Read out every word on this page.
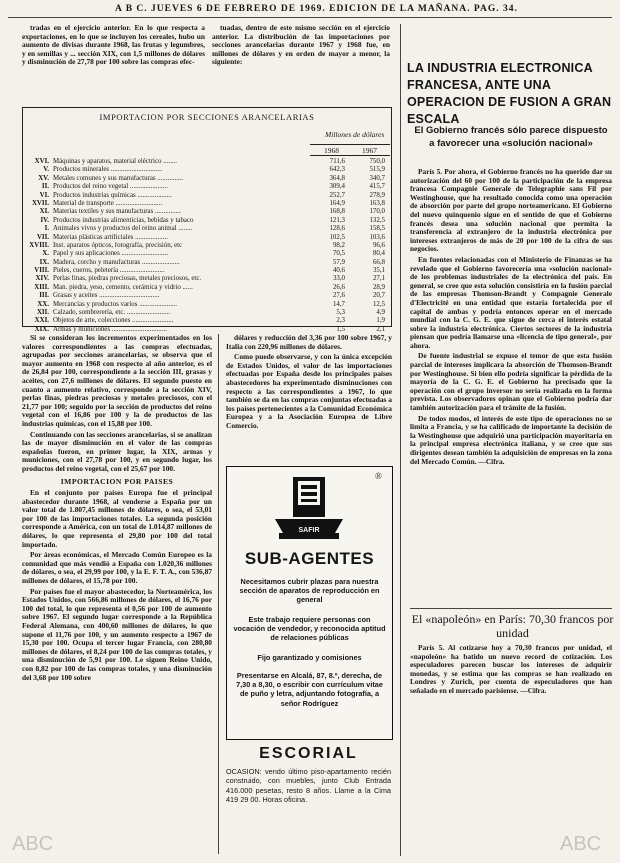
A B C. JUEVES 6 DE FEBRERO DE 1969. EDICION DE LA MAÑANA. PAG. 34.

tradas en el ejercicio anterior. En lo que respecta a exportaciones, en lo que se incluyen los cereales, hubo un aumento de divisas durante 1968, las frutas y legumbres, y en semillas y ... sección XIX, con 1,5 millones de dólares y disminución de 27,78 por 100 sobre las compras efec-

tuadas, dentro de este mismo sección en el ejercicio anterior. La distribución de las importaciones por secciones arancelarias durante 1967 y 1968 fue, en millones de dólares y en orden de mayor a menor, la siguiente:

IMPORTACION POR SECCIONES ARANCELARIAS
Millones de dólares
1968	1967
XVI. Máquinas y aparatos, material eléctrico ........	711,6	750,0
V. Productos minerales ..............................	642,3	515,9
XV. Metales comunes y sus manufacturas ...............	364,8	340,7
II. Productos del reino vegetal ......................	309,4	415,7
VI. Productos industrias químicas ....................	252,7	278,9
XVII. Material de transporte ...........................	164,9	163,8
XI. Materias textiles y sus manufacturas ...............	168,8	170,0
IV. Productos industrias alimenticias, bebidas y tabaco	121,3	132,5
I. Animales vivos y productos del reino animal ........	128,6	158,5
VII. Materias plásticas artificiales ...................	102,5	103,6
XVIII. Inst. aparatos ópticos, fotografía, precisión, etc	98,2	96,6
X. Papel y sus aplicaciones ...........................	70,5	80,4
IX. Madera, corcho y manufacturas ......................	57,9	66,8
VIII. Pieles, cueros, peletería ..........................	40,6	35,1
XIV. Perlas finas, piedras preciosas, metales preciosos, etc.	33,0	27,1
XIII. Man. piedra, yeso, cemento, cerámica y vidrio ......	26,6	28,9
III. Grasas y aceites ...................................	27,6	20,7
XX. Mercancías y productos varios ......................	14,7	12,5
XII. Calzado, sombrerería, etc. .........................	5,3	4,9
XXI. Objetos de arte, colecciones ........................	2,3	1,9
XIX. Armas y municiones ................................	1,5	2,1

Si se consideran los incrementos experimentados en los valores correspondientes a las compras efectuadas, agrupadas por secciones arancelarias, se observa que el mayor aumento en 1968 con respecto al año anterior, es el de 26,84 por 100, correspondiente a la sección III, grasas y aceites, con 27,6 millones de dólares. El segundo puesto en cuanto a aumento relativo, corresponde a la sección XIV, perlas finas, piedras preciosas y metales preciosos, con el 21,77 por 100; seguido por la sección de productos del reino vegetal con el 16,86 por 100 y la de productos de las industrias químicas, con el 15,88 por 100.

Continuando con las secciones arancelarias, si se analizan las de mayor disminución en el valor de las compras españolas fueron, en primer lugar, la XIX, armas y municiones, con el 27,78 por 100, y en segundo lugar, los productos del reino vegetal, con el 25,67 por 100.

IMPORTACION POR PAISES

En el conjunto por países Europa fue el principal abastecedor durante 1968, al venderse a España por un valor total de 1.807,45 millones de dólares, o sea, el 53,01 por 100 de las importaciones totales. La segunda posición corresponde a América, con un total de 1.014,87 millones de dólares, lo que representa el 29,80 por 100 del total importado.

Por áreas económicas, el Mercado Común Europeo es la comunidad que más vendió a España con 1.020,36 millones de dólares, o sea, el 29,99 por 100, y la E. F. T. A., con 536,87 millones de dólares, el 15,78 por 100.

Por países fue el mayor abastecedor, la Norteamérica, los Estados Unidos, con 566,86 millones de dólares, el 16,76 por 100 del total, lo que representa el 0,56 por 100 de aumento sobre 1967. El segundo lugar corresponde a la República Federal Alemana, con 400,60 millones de dólares, lo que supone el 11,76 por 100, y un aumento respecto a 1967 de 15,30 por 100. Ocupa el tercer lugar Francia, con 280,80 millones de dólares, el 8,24 por 100 de las compras totales, y una disminución de 5,91 por 100. Le siguen Reino Unido, con 8,82 por 100 de las compras totales, y una disminución del 3,68 por 100 sobre

dólares y reducción del 3,36 por 100 sobre 1967, y Italia con 220,96 millones de dólares.

Como puede observarse, y con la única excepción de Estados Unidos, el valor de las importaciones efectuadas por España desde los principales países abastecedores ha experimentado disminuciones con respecto a las correspondientes a 1967, lo que también se da en las compras conjuntas efectuadas a los países pertenecientes a la Comunidad Económica Europea y a la Asociación Europea de Libre Comercio.

®
SAFIR
SUB-AGENTES
Necesitamos cubrir plazas para nuestra sección de aparatos de reproducción en general
Este trabajo requiere personas con vocación de vendedor, y reconocida aptitud de relaciones públicas
Fijo garantizado y comisiones
Presentarse en Alcalá, 87, 8.º, derecha, de 7,30 a 8,30, o escribir con currículum vitae de puño y letra, adjuntando fotografía, a señor Rodríguez
ESCORIAL
OCASION: vendo último piso-apartamento recién construido, con muebles, junto Club Entrada 416.000 pesetas, resto 8 años. Llame a la Cima 419 29 00. Horas oficina.
LA INDUSTRIA ELECTRONICA FRANCESA, ANTE UNA OPERACION DE FUSION A GRAN ESCALA
El Gobierno francés sólo parece dispuesto a favorecer una «solución nacional»

París 5. Por ahora, el Gobierno francés no ha querido dar su autorización del 60 por 100 de la participación de la empresa francesa Compagnie Generale de Telegraphie sans Fil por Westinghouse, que ha resultado conocida como una operación de absorción por parte del grupo norteamericano. El Gobierno del nuevo quinquenio sigue en el sentido de que el Gobierno francés desea una solución nacional que permita la transferencia al extranjero de la industria electrónica por intereses extranjeros de más de 20 por 100 de la cifra de sus negocios.

En fuentes relacionadas con el Ministerio de Finanzas se ha revelado que el Gobierno favorecería una «solución nacional» de los problemas industriales de la electrónica del país. En general, se cree que esta solución consistiría en la fusión parcial de las empresas Thomson-Brandt y Compagnie Generale d'Electricité en una entidad que estaría fortalecida por el capital de ambas y podría entonces operar en el mercado mundial con la C. G. E. que sigue de cerca el interés estatal sobre la industria electrónica. Ciertos sectores de la industria piensan que podría llamarse una «licencia de tipo general», por ahora.

De fuente industrial se expuso el temor de que esta fusión parcial de intereses implicara la absorción de Thomson-Brandt por Westinghouse. Si bien ello podría significar la pérdida de la mayoría de la C. G. E. el Gobierno ha precisado que la operación con el grupo inversor no sería realizada en la forma prevista. Los observadores opinan que el Gobierno podría dar también autorización para el trámite de la fusión.

De todos modos, el interés de este tipo de operaciones no se limita a Francia, y se ha calificado de importante la decisión de la Westinghouse que adquirió una participación mayoritaria en la principal empresa electrónica italiana, y se cree que sus dirigentes desean también la adquisición de empresas en la zona del Mercado Común. —Cifra.

El «napoleón» en París: 70,30 francos por unidad

París 5. Al cotizarse hoy a 70,30 francos por unidad, el «napoleón» ha batido un nuevo record de cotización. Los especuladores parecen buscar los intereses de adquirir monedas, y se estima que las compras se han realizado en Londres y Zurich, por cuenta de especuladores que han señalado en el mercado parisiense. —Cifra.

ABC	ABC
